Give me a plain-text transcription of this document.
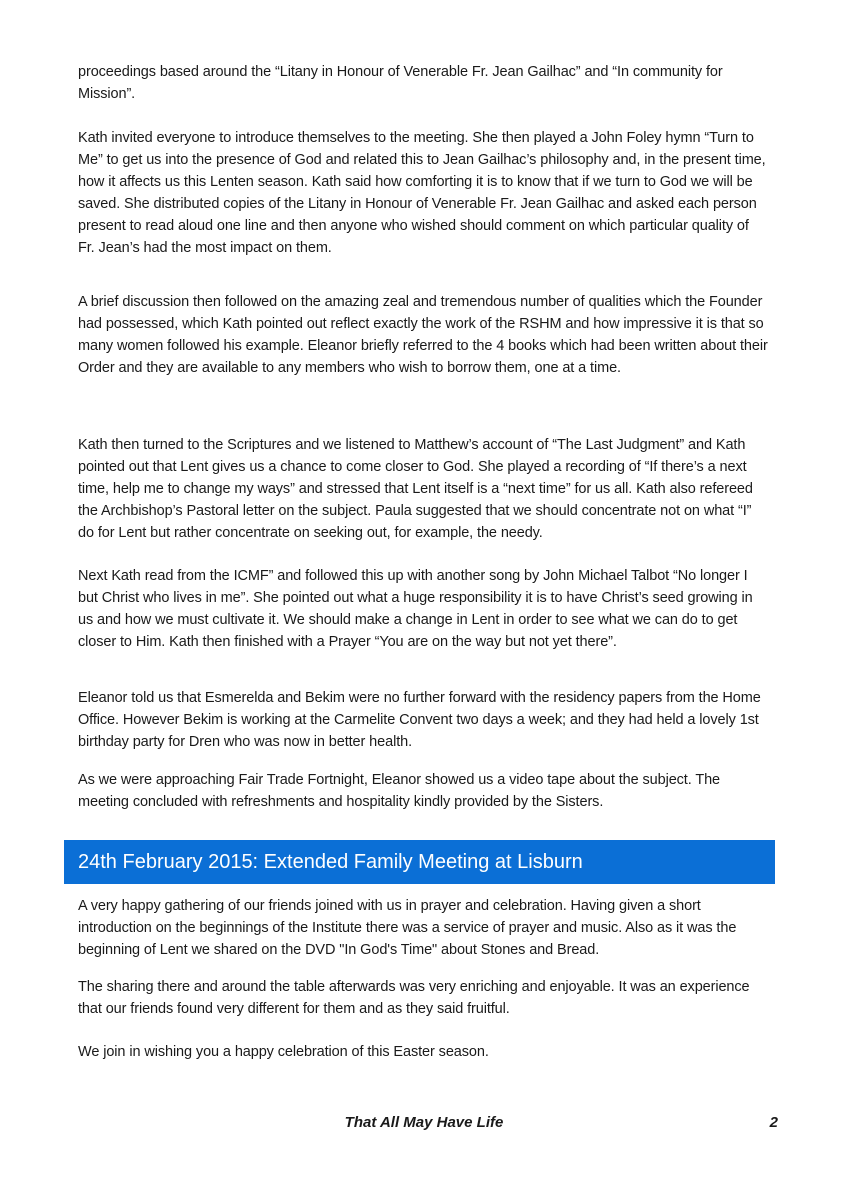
proceedings based around the “Litany in Honour of Venerable Fr. Jean Gailhac” and “In community for Mission”.

Kath invited everyone to introduce themselves to the meeting. She then played a John Foley hymn “Turn to Me” to get us into the presence of God and related this to Jean Gailhac’s philosophy and, in the present time, how it affects us this Lenten season. Kath said how comforting it is to know that if we turn to God we will be saved. She distributed copies of the Litany in Honour of Venerable Fr. Jean Gailhac and asked each person present to read aloud one line and then anyone who wished should comment on which particular quality of Fr. Jean’s had the most impact on them.

A brief discussion then followed on the amazing zeal and tremendous number of qualities which the Founder had possessed, which Kath pointed out reflect exactly the work of the RSHM and how impressive it is that so many women followed his example. Eleanor briefly referred to the 4 books which had been written about their Order and they are available to any members who wish to borrow them, one at a time.

Kath then turned to the Scriptures and we listened to Matthew’s account of “The Last Judgment” and Kath pointed out that Lent gives us a chance to come closer to God. She played a recording of “If there’s a next time, help me to change my ways” and stressed that Lent itself is a “next time” for us all. Kath also refereed the Archbishop’s Pastoral letter on the subject. Paula suggested that we should concentrate not on what “I” do for Lent but rather concentrate on seeking out, for example, the needy.

Next Kath read from the ICMF” and followed this up with another song by John Michael Talbot “No longer I but Christ who lives in me”. She pointed out what a huge responsibility it is to have Christ’s seed growing in us and how we must cultivate it. We should make a change in Lent in order to see what we can do to get closer to Him. Kath then finished with a Prayer “You are on the way but not yet there”.

Eleanor told us that Esmerelda and Bekim were no further forward with the residency papers from the Home Office. However Bekim is working at the Carmelite Convent two days a week; and they had held a lovely 1st birthday party for Dren who was now in better health.

As we were approaching Fair Trade Fortnight, Eleanor showed us a video tape about the subject. The meeting concluded with refreshments and hospitality kindly provided by the Sisters.

24th February 2015: Extended Family Meeting at Lisburn

A very happy gathering of our friends joined with us in prayer and celebration. Having given a short introduction on the beginnings of the Institute there was a service of prayer and music. Also as it was the beginning of Lent we shared on the DVD "In God's Time" about Stones and Bread.

The sharing there and around the table afterwards was very enriching and enjoyable. It was an experience that our friends found very different for them and as they said fruitful.

We join in wishing you a happy celebration of this Easter season.

That All May Have Life	2
